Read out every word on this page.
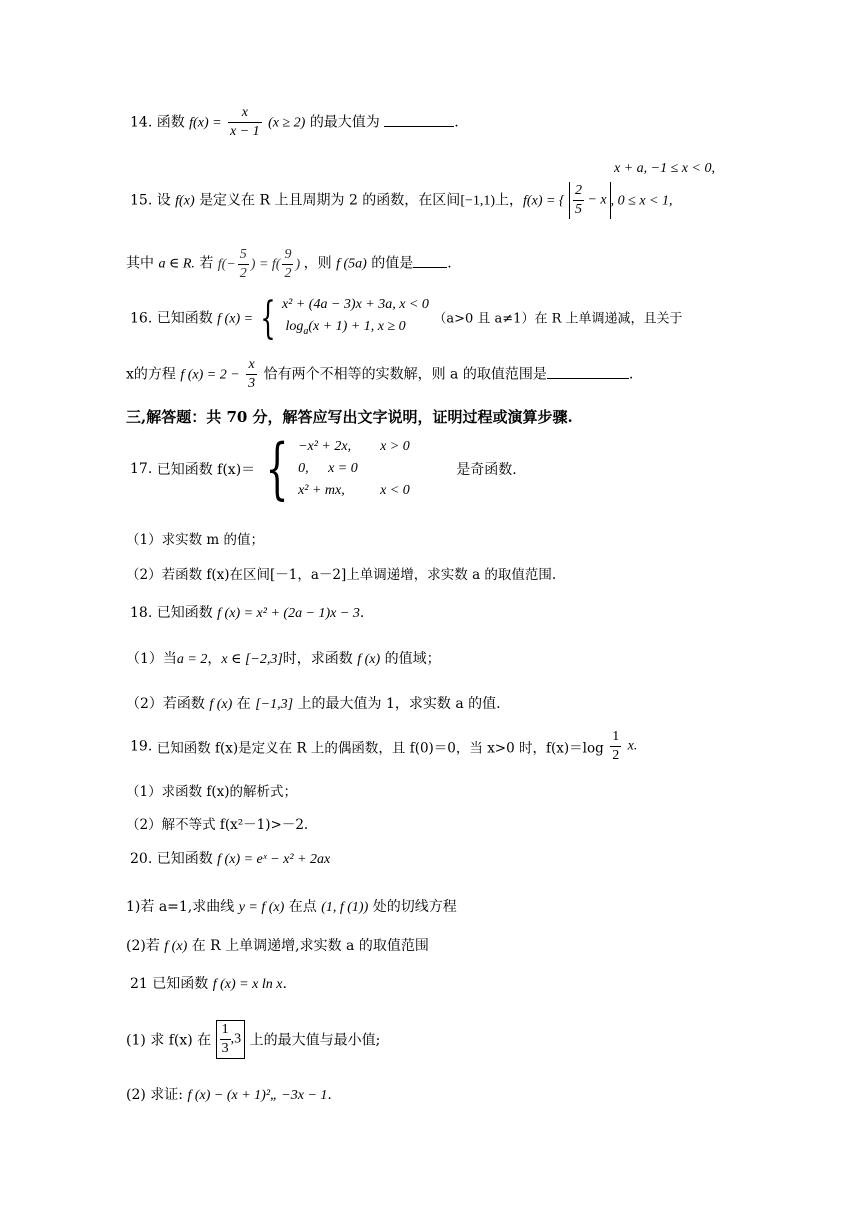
14. 函数 $f(x) = \frac{x}{x - 1} (x \ge 2)$ 的最大值为	.
x + a, −1 ≤ x < 0,
15. 设 f(x) 是定义在 R 上且周期为 2 的函数，在区间[−1,1)上，f(x) = { $\frac{2}{5} - x$ , 0 ≤ x < 1,
其中 a ∈ R. 若 $f(- \frac{5}{2}$ ) = $f( \frac{9}{2}$ ) ，则 f (5a) 的值是 .
16. 已知函数 f (x) = { x² + (4a − 3)x + 3a, x < 0
$\log_a(x + 1) + 1$, x ≥ 0	（a>0 且 a≠1）在 R 上单调递减，且关于
x的方程 f $(x) = 2 - \frac{x}{3}$ 恰有两个不相等的实数解，则 a 的取值范围是	.
三,解答题：共 70 分，解答应写出文字说明，证明过程或演算步骤.
17. 已知函数 f(x)＝ { −x² + 2x, x > 0
0, x = 0
x² + mx,	x < 0
是奇函数.
（1）求实数 m 的值；
（2）若函数 f(x)在区间[－1，a－2]上单调递增，求实数 a 的取值范围.
18. 已知函数 f (x) = x² + (2a − 1)x − 3.
（1）当a = 2，x ∈ [−2,3]时，求函数 f (x) 的值域；
（2）若函数 f (x) 在 [−1,3] 上的最大值为 1，求实数 a 的值.
19. 已知函数 f(x)是定义在 R 上的偶函数，且 f(0)＝0，当 x>0 时，$f(x)=\log \frac{1}{2} x$.
（1）求函数 f(x)的解析式；
（2）解不等式 f(x²－1)>－2.
20. 已知函数 f (x) = eˣ − x² + 2ax
1)若 a=1,求曲线 y = f (x) 在点 (1, f (1)) 处的切线方程
(2)若 f (x) 在 R 上单调递增,求实数 a 的取值范围
21 已知函数 f (x) = x ln x.
(1) 求 f(x) 在 $\frac{1}{3} ,3$ 上的最大值与最小值;
(2) 求证: f (x) − (x + 1)²„ −3x − 1.
